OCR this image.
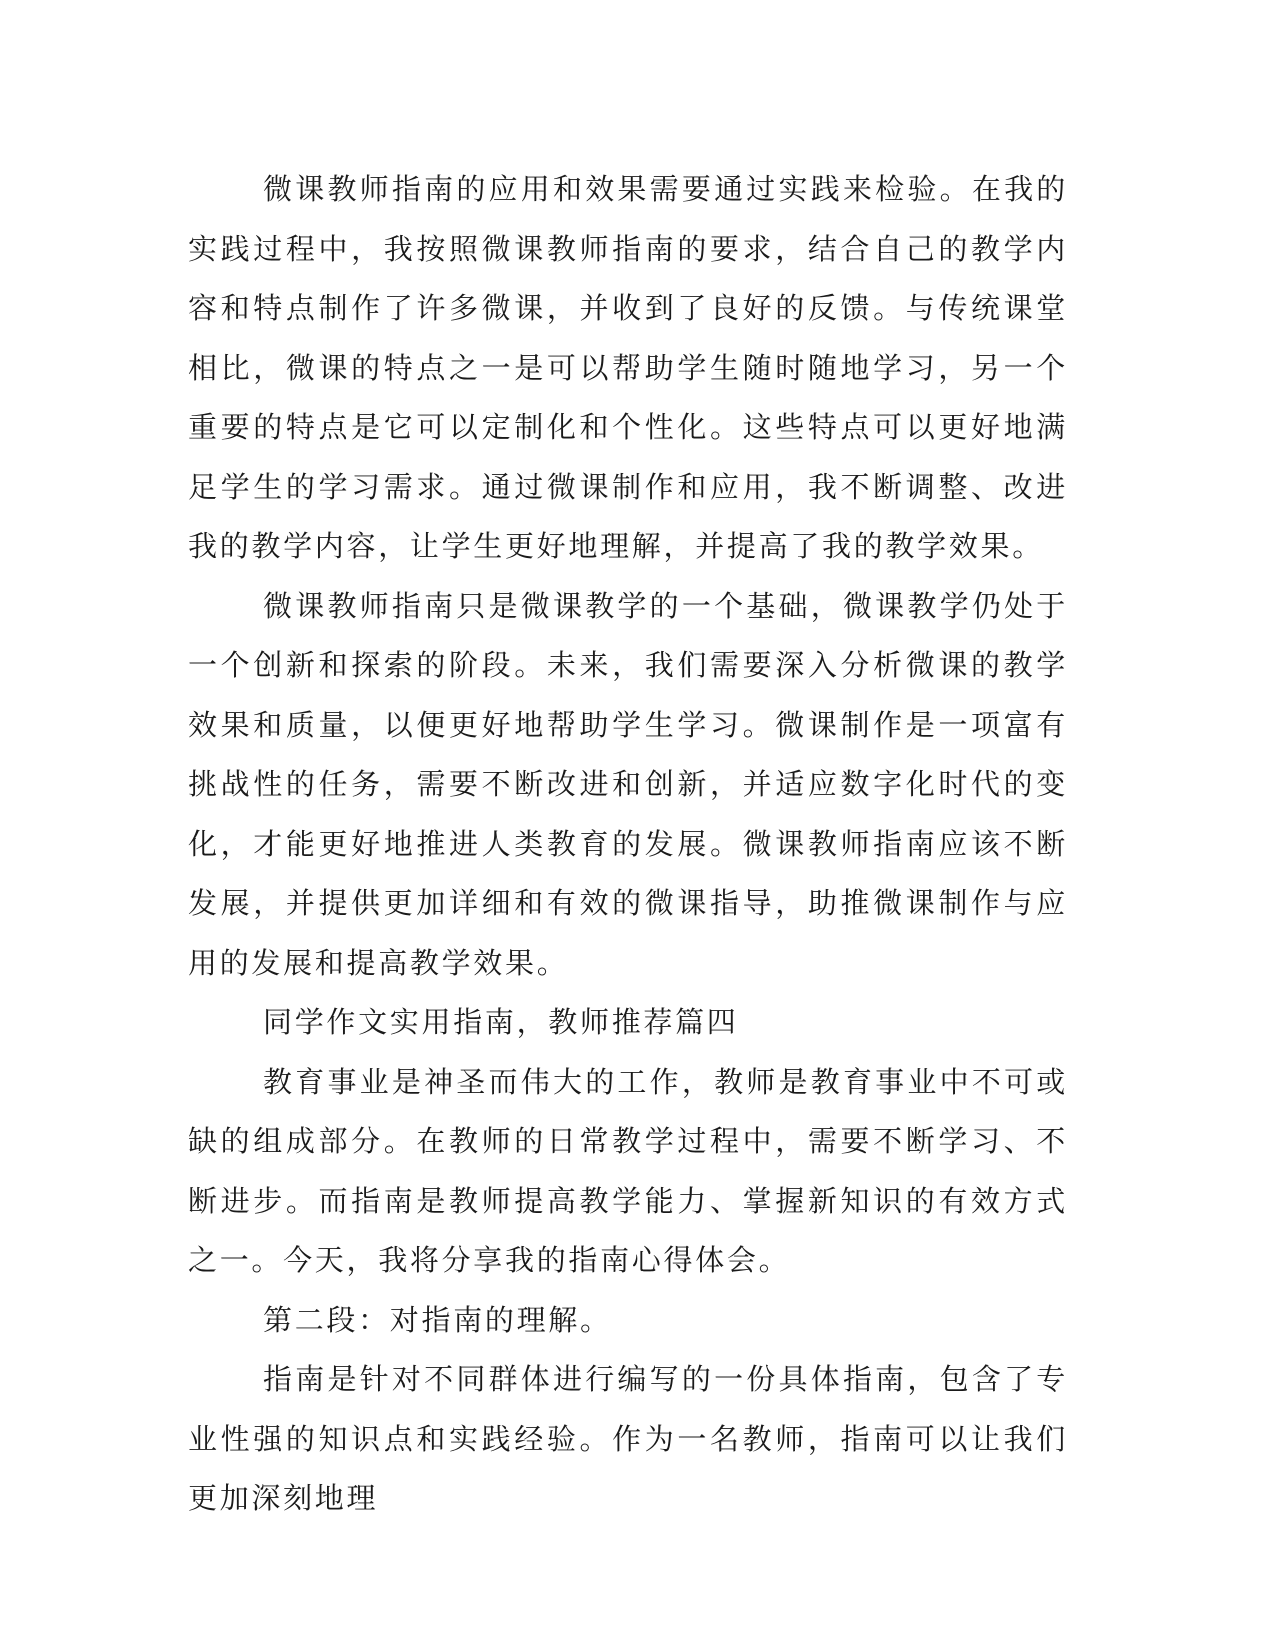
微课教师指南的应用和效果需要通过实践来检验。在我的实践过程中，我按照微课教师指南的要求，结合自己的教学内容和特点制作了许多微课，并收到了良好的反馈。与传统课堂相比，微课的特点之一是可以帮助学生随时随地学习，另一个重要的特点是它可以定制化和个性化。这些特点可以更好地满足学生的学习需求。通过微课制作和应用，我不断调整、改进我的教学内容，让学生更好地理解，并提高了我的教学效果。

微课教师指南只是微课教学的一个基础，微课教学仍处于一个创新和探索的阶段。未来，我们需要深入分析微课的教学效果和质量，以便更好地帮助学生学习。微课制作是一项富有挑战性的任务，需要不断改进和创新，并适应数字化时代的变化，才能更好地推进人类教育的发展。微课教师指南应该不断发展，并提供更加详细和有效的微课指导，助推微课制作与应用的发展和提高教学效果。

同学作文实用指南，教师推荐篇四

教育事业是神圣而伟大的工作，教师是教育事业中不可或缺的组成部分。在教师的日常教学过程中，需要不断学习、不断进步。而指南是教师提高教学能力、掌握新知识的有效方式之一。今天，我将分享我的指南心得体会。

第二段：对指南的理解。

指南是针对不同群体进行编写的一份具体指南，包含了专业性强的知识点和实践经验。作为一名教师，指南可以让我们更加深刻地理
